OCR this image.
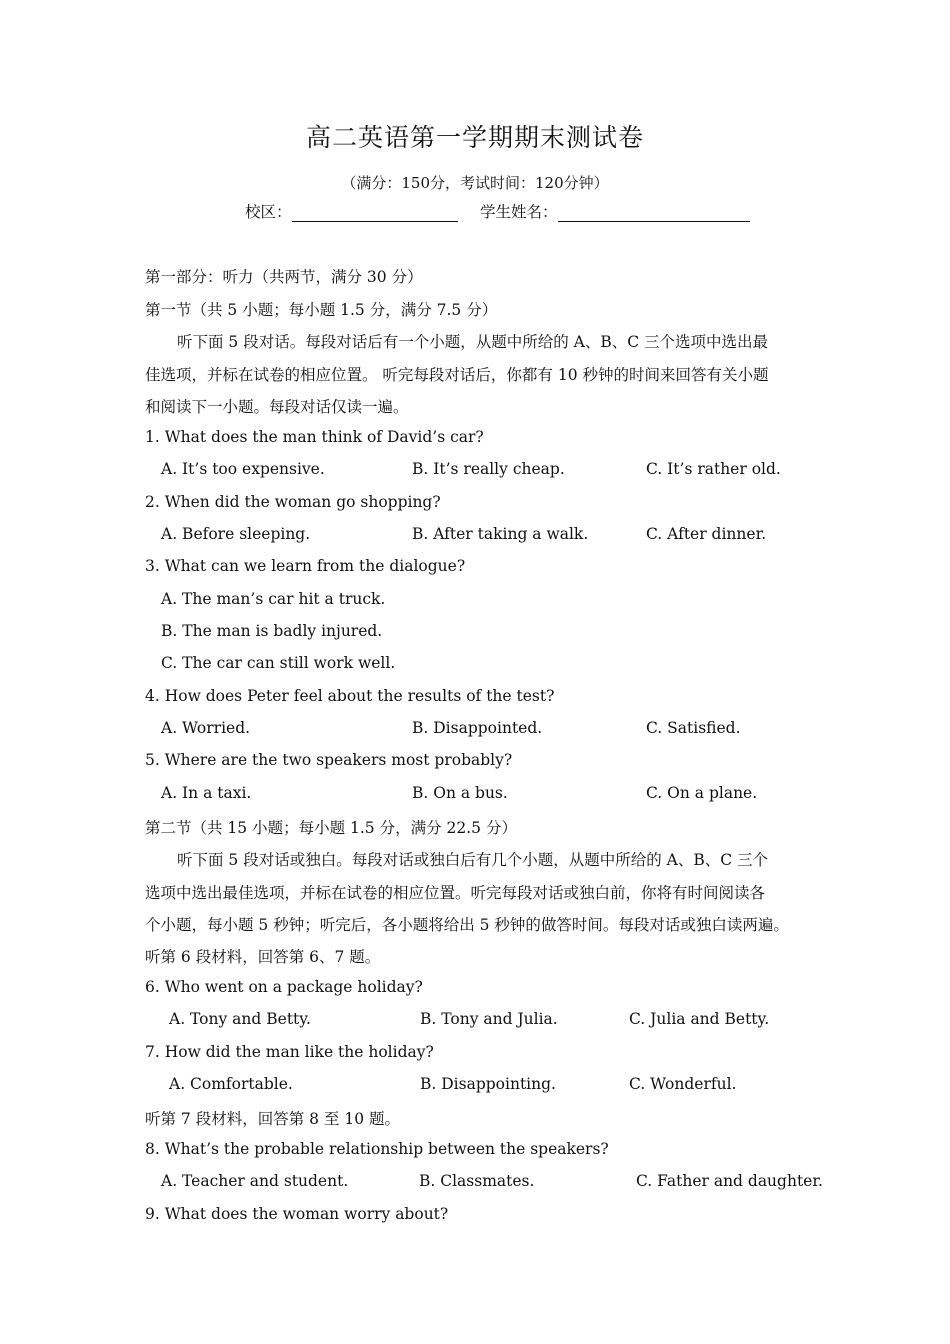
高二英语第一学期期末测试卷
（满分：150分，考试时间：120分钟）
校区：	学生姓名：
第一部分：听力（共两节，满分 30 分）
第一节（共 5 小题；每小题 1.5 分，满分 7.5 分）
听下面 5 段对话。每段对话后有一个小题，从题中所给的 A、B、C 三个选项中选出最
佳选项，并标在试卷的相应位置。 听完每段对话后，你都有 10 秒钟的时间来回答有关小题
和阅读下一小题。每段对话仅读一遍。
1. What does the man think of David’s car?
A. It’s too expensive.	B. It’s really cheap.	C. It’s rather old.
2. When did the woman go shopping?
A. Before sleeping.	B. After taking a walk.	C. After dinner.
3. What can we learn from the dialogue?
A. The man’s car hit a truck.
B. The man is badly injured.
C. The car can still work well.
4. How does Peter feel about the results of the test?
A. Worried.	B. Disappointed.	C. Satisfied.
5. Where are the two speakers most probably?
A. In a taxi.	B. On a bus.	C. On a plane.
第二节（共 15 小题；每小题 1.5 分，满分 22.5 分）
听下面 5 段对话或独白。每段对话或独白后有几个小题，从题中所给的 A、B、C 三个
选项中选出最佳选项，并标在试卷的相应位置。听完每段对话或独白前，你将有时间阅读各
个小题，每小题 5 秒钟；听完后，各小题将给出 5 秒钟的做答时间。每段对话或独白读两遍。
听第 6 段材料，回答第 6、7 题。
6. Who went on a package holiday?
A. Tony and Betty.	B. Tony and Julia.	C. Julia and Betty.
7. How did the man like the holiday?
A. Comfortable.	B. Disappointing.	C. Wonderful.
听第 7 段材料，回答第 8 至 10 题。
8. What’s the probable relationship between the speakers?
A. Teacher and student.	B. Classmates.	C. Father and daughter.
9. What does the woman worry about?
